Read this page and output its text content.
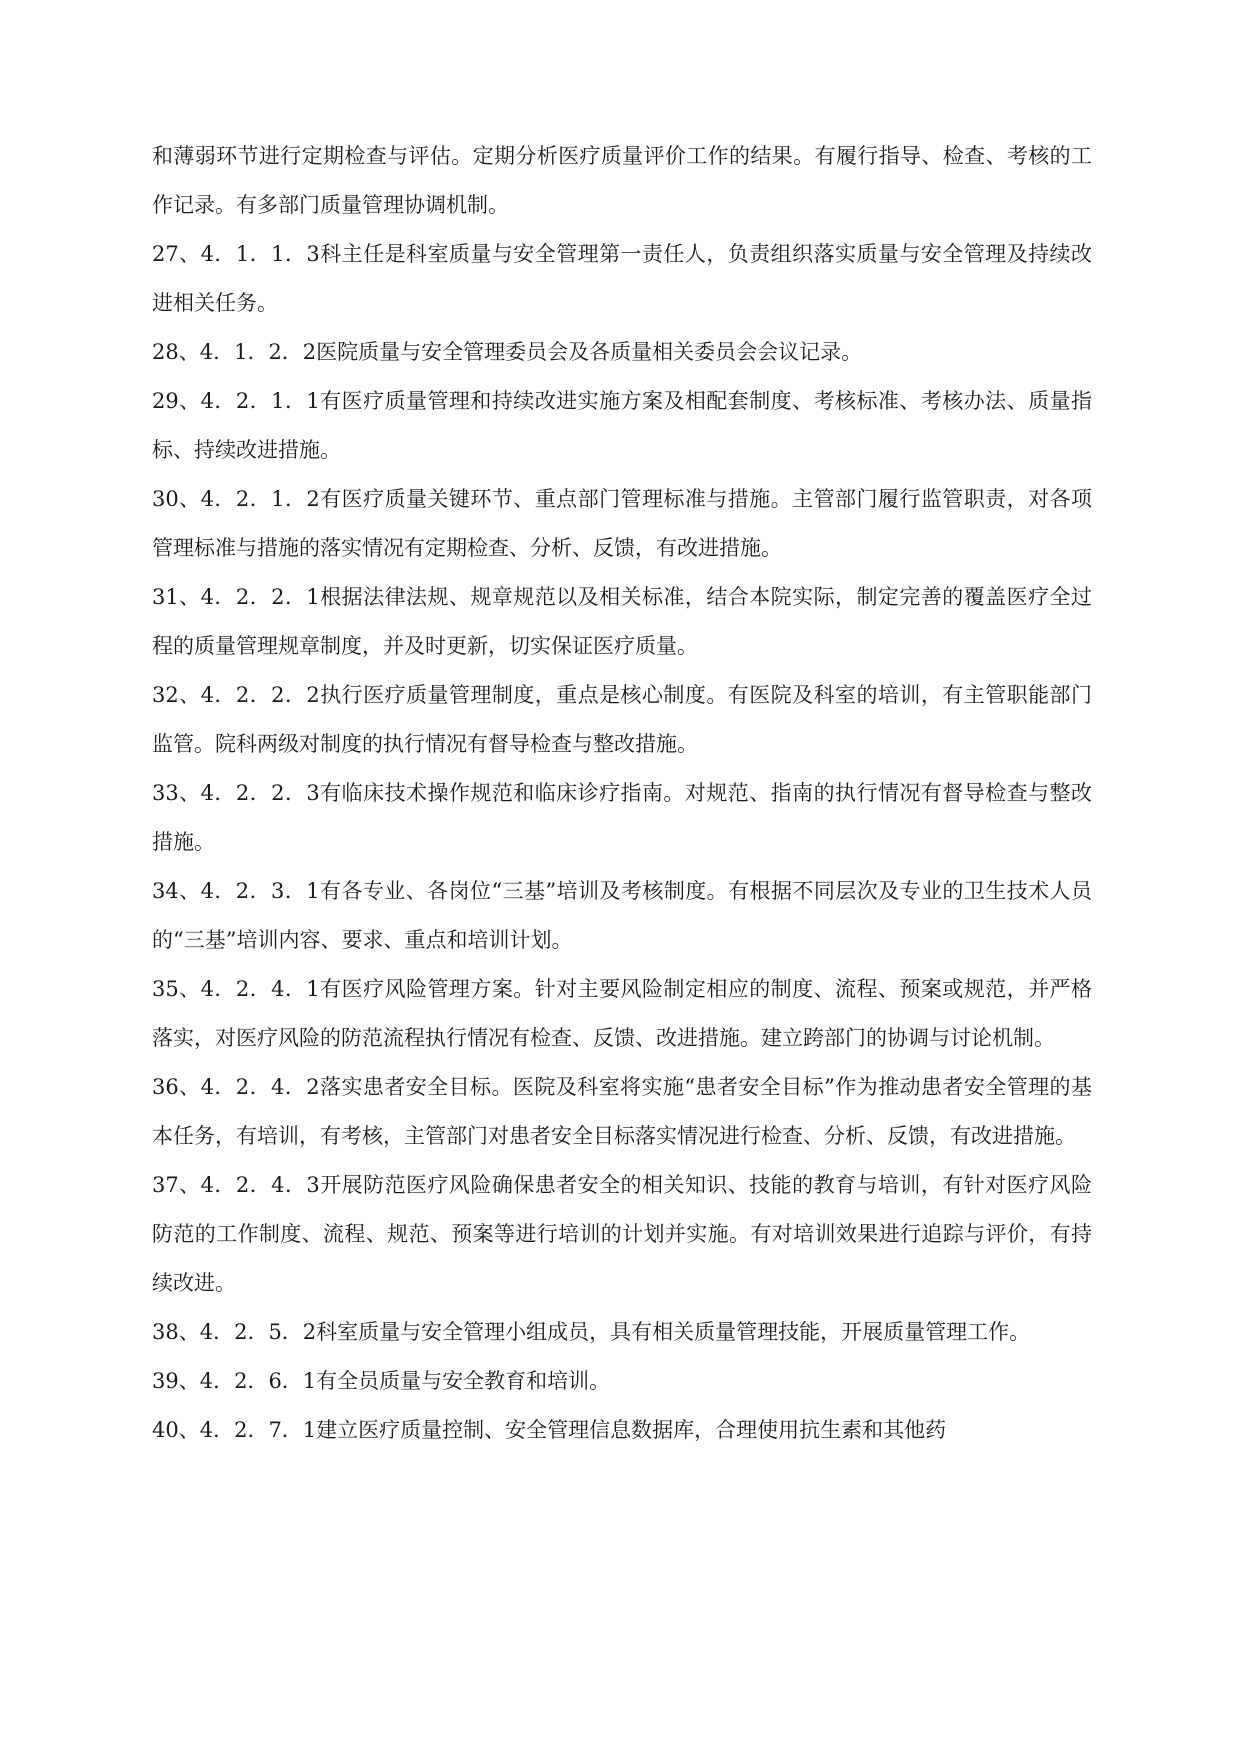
和薄弱环节进行定期检查与评估。定期分析医疗质量评价工作的结果。有履行指导、检查、考核的工作记录。有多部门质量管理协调机制。

27、4．1．1．3科主任是科室质量与安全管理第一责任人，负责组织落实质量与安全管理及持续改进相关任务。

28、4．1．2．2医院质量与安全管理委员会及各质量相关委员会会议记录。

29、4．2．1．1有医疗质量管理和持续改进实施方案及相配套制度、考核标准、考核办法、质量指标、持续改进措施。

30、4．2．1．2有医疗质量关键环节、重点部门管理标准与措施。主管部门履行监管职责，对各项管理标准与措施的落实情况有定期检查、分析、反馈，有改进措施。

31、4．2．2．1根据法律法规、规章规范以及相关标准，结合本院实际，制定完善的覆盖医疗全过程的质量管理规章制度，并及时更新，切实保证医疗质量。

32、4．2．2．2执行医疗质量管理制度，重点是核心制度。有医院及科室的培训，有主管职能部门监管。院科两级对制度的执行情况有督导检查与整改措施。

33、4．2．2．3有临床技术操作规范和临床诊疗指南。对规范、指南的执行情况有督导检查与整改措施。

34、4．2．3．1有各专业、各岗位“三基”培训及考核制度。有根据不同层次及专业的卫生技术人员的“三基”培训内容、要求、重点和培训计划。

35、4．2．4．1有医疗风险管理方案。针对主要风险制定相应的制度、流程、预案或规范，并严格落实，对医疗风险的防范流程执行情况有检查、反馈、改进措施。建立跨部门的协调与讨论机制。

36、4．2．4．2落实患者安全目标。医院及科室将实施“患者安全目标”作为推动患者安全管理的基本任务，有培训，有考核，主管部门对患者安全目标落实情况进行检查、分析、反馈，有改进措施。

37、4．2．4．3开展防范医疗风险确保患者安全的相关知识、技能的教育与培训，有针对医疗风险防范的工作制度、流程、规范、预案等进行培训的计划并实施。有对培训效果进行追踪与评价，有持续改进。

38、4．2．5．2科室质量与安全管理小组成员，具有相关质量管理技能，开展质量管理工作。

39、4．2．6．1有全员质量与安全教育和培训。

40、4．2．7．1建立医疗质量控制、安全管理信息数据库，合理使用抗生素和其他药
